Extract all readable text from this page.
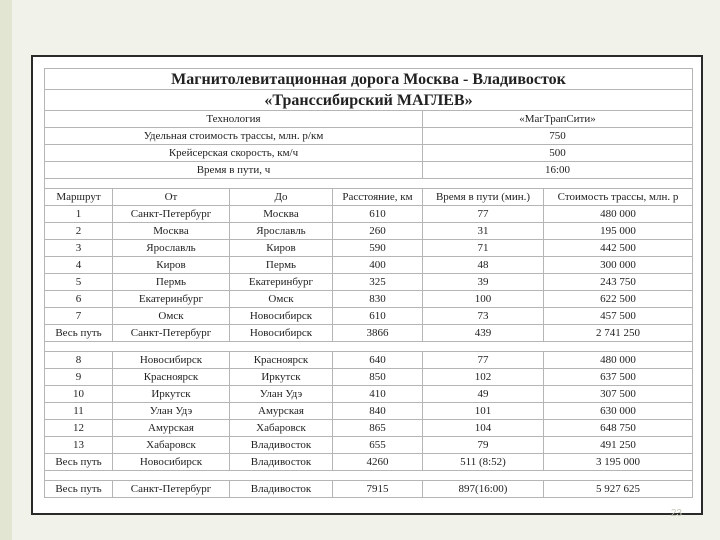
Магнитолевитационная дорога Москва - Владивосток					
«Транссибирский МАГЛЕВ»					
Технология				«МагТрапСити»	
Удельная стоимость трассы, млн. р/км				750	
Крейсерская скорость, км/ч				500	
Время в пути, ч				16:00	

Маршрут	От	До	Расстояние, км	Время в пути (мин.)	Стоимость трассы, млн. р
1	Санкт-Петербург	Москва	610	77	480 000
2	Москва	Ярославль	260	31	195 000
3	Ярославль	Киров	590	71	442 500
4	Киров	Пермь	400	48	300 000
5	Пермь	Екатеринбург	325	39	243 750
6	Екатеринбург	Омск	830	100	622 500
7	Омск	Новосибирск	610	73	457 500
Весь путь	Санкт-Петербург	Новосибирск	3866	439	2 741 250

8	Новосибирск	Красноярск	640	77	480 000
9	Красноярск	Иркутск	850	102	637 500
10	Иркутск	Улан Удэ	410	49	307 500
11	Улан Удэ	Амурская	840	101	630 000
12	Амурская	Хабаровск	865	104	648 750
13	Хабаровск	Владивосток	655	79	491 250
Весь путь	Новосибирск	Владивосток	4260	511 (8:52)	3 195 000

Весь путь	Санкт-Петербург	Владивосток	7915	897(16:00)	5 927 625
23
